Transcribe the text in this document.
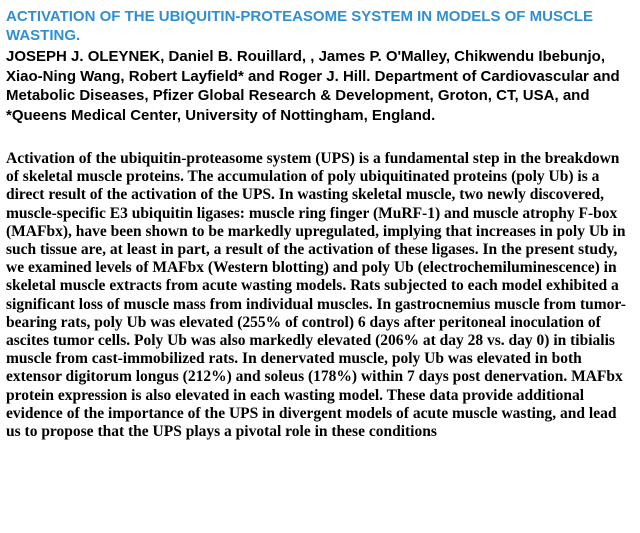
ACTIVATION OF THE UBIQUITIN-PROTEASOME SYSTEM IN MODELS OF MUSCLE WASTING.

JOSEPH J. OLEYNEK, Daniel B. Rouillard, , James P. O'Malley, Chikwendu Ibebunjo, Xiao-Ning Wang, Robert Layfield* and Roger J. Hill. Department of Cardiovascular and Metabolic Diseases, Pfizer Global Research & Development, Groton, CT, USA, and *Queens Medical Center, University of Nottingham, England.

Activation of the ubiquitin-proteasome system (UPS) is a fundamental step in the breakdown of skeletal muscle proteins. The accumulation of poly ubiquitinated proteins (poly Ub) is a direct result of the activation of the UPS. In wasting skeletal muscle, two newly discovered, muscle-specific E3 ubiquitin ligases: muscle ring finger (MuRF-1) and muscle atrophy F-box (MAFbx), have been shown to be markedly upregulated, implying that increases in poly Ub in such tissue are, at least in part, a result of the activation of these ligases. In the present study, we examined levels of MAFbx (Western blotting) and poly Ub (electrochemiluminescence) in skeletal muscle extracts from acute wasting models. Rats subjected to each model exhibited a significant loss of muscle mass from individual muscles. In gastrocnemius muscle from tumor-bearing rats, poly Ub was elevated (255% of control) 6 days after peritoneal inoculation of ascites tumor cells. Poly Ub was also markedly elevated (206% at day 28 vs. day 0) in tibialis muscle from cast-immobilized rats. In denervated muscle, poly Ub was elevated in both extensor digitorum longus (212%) and soleus (178%) within 7 days post denervation. MAFbx protein expression is also elevated in each wasting model. These data provide additional evidence of the importance of the UPS in divergent models of acute muscle wasting, and lead us to propose that the UPS plays a pivotal role in these conditions
